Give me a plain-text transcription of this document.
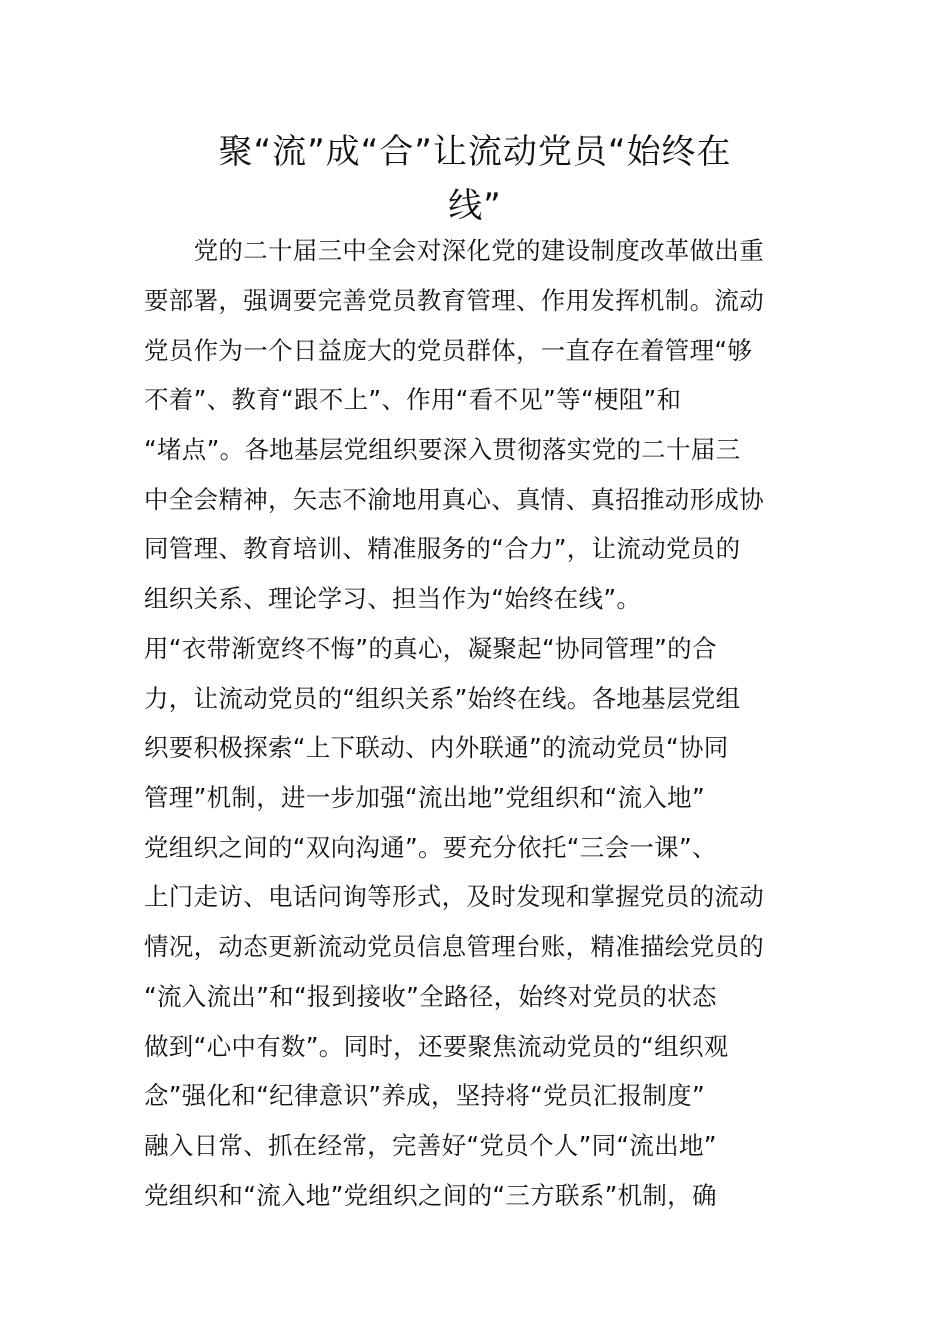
聚“流”成“合”让流动党员“始终在
线”
　　党的二十届三中全会对深化党的建设制度改革做出重
要部署，强调要完善党员教育管理、作用发挥机制。流动
党员作为一个日益庞大的党员群体，一直存在着管理“够
不着”、教育“跟不上”、作用“看不见”等“梗阻”和
“堵点”。各地基层党组织要深入贯彻落实党的二十届三
中全会精神，矢志不渝地用真心、真情、真招推动形成协
同管理、教育培训、精准服务的“合力”，让流动党员的
组织关系、理论学习、担当作为“始终在线”。
用“衣带渐宽终不悔”的真心，凝聚起“协同管理”的合
力，让流动党员的“组织关系”始终在线。各地基层党组
织要积极探索“上下联动、内外联通”的流动党员“协同
管理”机制，进一步加强“流出地”党组织和“流入地”
党组织之间的“双向沟通”。要充分依托“三会一课”、
上门走访、电话问询等形式，及时发现和掌握党员的流动
情况，动态更新流动党员信息管理台账，精准描绘党员的
“流入流出”和“报到接收”全路径，始终对党员的状态
做到“心中有数”。同时，还要聚焦流动党员的“组织观
念”强化和“纪律意识”养成，坚持将“党员汇报制度”
融入日常、抓在经常，完善好“党员个人”同“流出地”
党组织和“流入地”党组织之间的“三方联系”机制，确
